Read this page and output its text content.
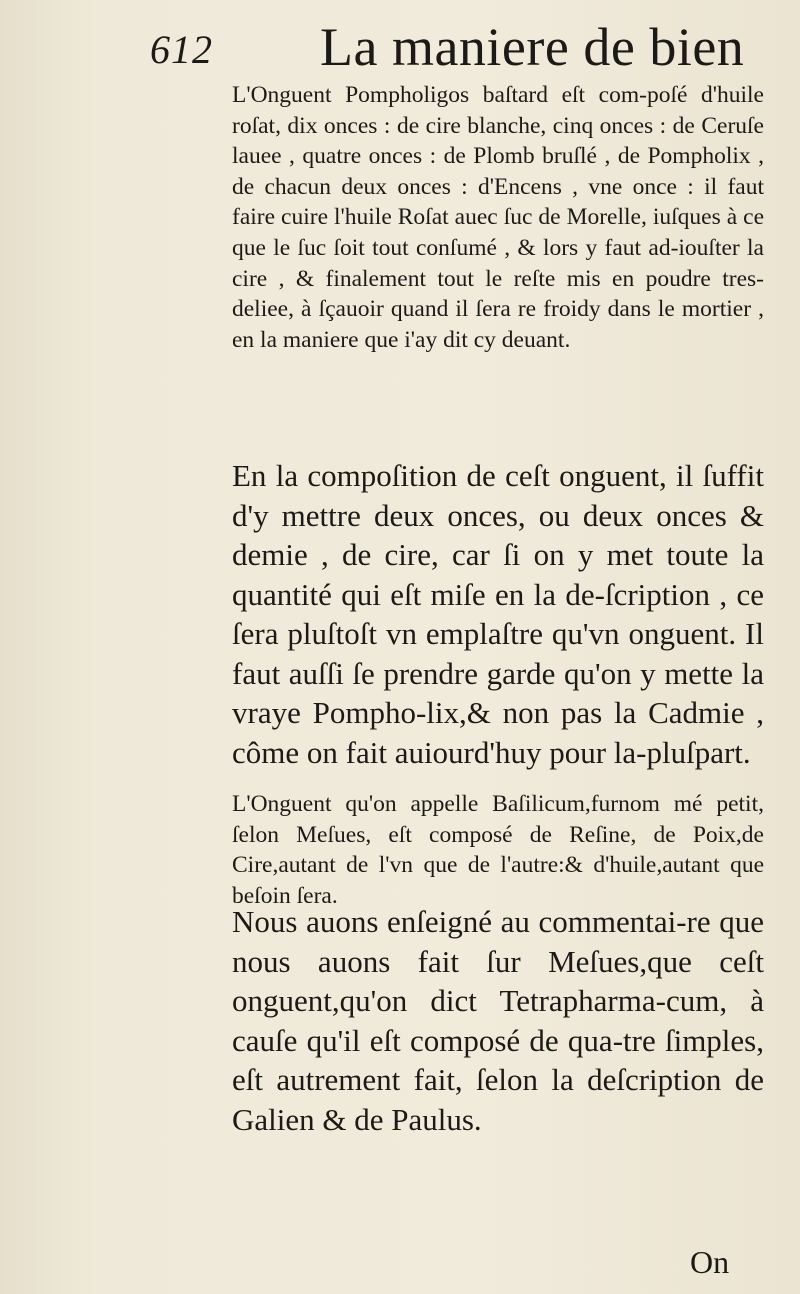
612 La maniere de bien

L'Onguent Pompholigos baſtard eſt com-poſé d'huile roſat, dix onces : de cire blanche, cinq onces : de Ceruſe lauee , quatre onces : de Plomb bruſlé , de Pompholix , de chacun deux onces : d'Encens , vne once : il faut faire cuire l'huile Roſat auec ſuc de Morelle, iuſques à ce que le ſuc ſoit tout conſumé , & lors y faut ad-iouſter la cire , & finalement tout le reſte mis en poudre tres-deliee, à ſçauoir quand il ſera re froidy dans le mortier , en la maniere que i'ay dit cy deuant.

En la compoſition de ceſt onguent, il ſuffit d'y mettre deux onces, ou deux onces & demie , de cire, car ſi on y met toute la quantité qui eſt miſe en la de-ſcription , ce ſera pluſtoſt vn emplaſtre qu'vn onguent. Il faut auſſi ſe prendre garde qu'on y mette la vraye Pompho-lix,& non pas la Cadmie , côme on fait auiourd'huy pour la-pluſpart.

L'Onguent qu'on appelle Baſilicum,furnom mé petit, ſelon Meſues, eſt composé de Reſine, de Poix,de Cire,autant de l'vn que de l'autre:& d'huile,autant que beſoin ſera.

Nous auons enſeigné au commentai-re que nous auons fait ſur Meſues,que ceſt onguent,qu'on dict Tetrapharma-cum, à cauſe qu'il eſt composé de qua-tre ſimples, eſt autrement fait, ſelon la deſcription de Galien & de Paulus.

On
